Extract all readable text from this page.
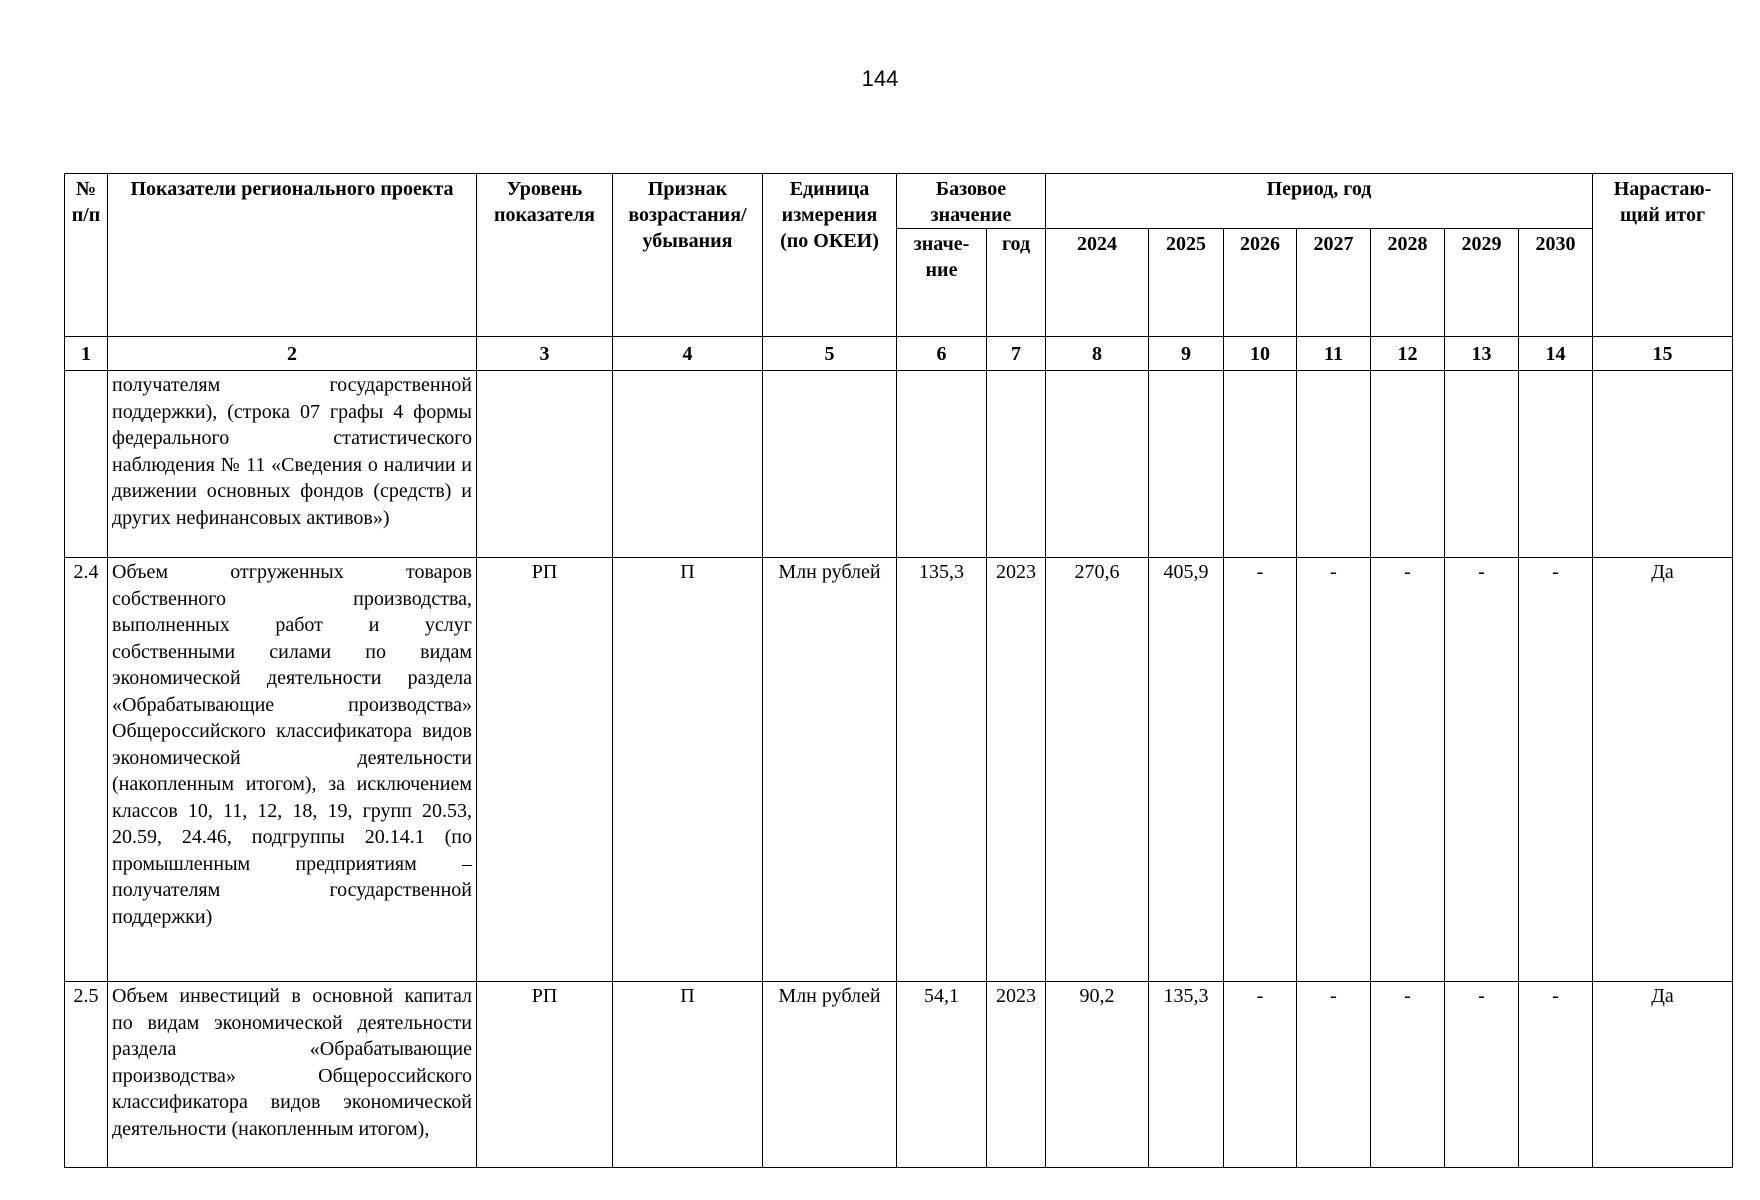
144
№ п/п	Показатели регионального проекта	Уровень показателя	Признак возрастания/ убывания	Единица измерения (по ОКЕИ)	Базовое значение		Период, год							Нарастаю- щий итог
					значе- ние	год	2024	2025	2026	2027	2028	2029	2030	
1	2	3	4	5	6	7	8	9	10	11	12	13	14	15
	получателям государственной поддержки), (строка 07 графы 4 формы федерального статистического наблюдения № 11 «Сведения о наличии и движении основных фондов (средств) и других нефинансовых активов»)													
2.4	Объем отгруженных товаров собственного производства, выполненных работ и услуг собственными силами по видам экономической деятельности раздела «Обрабатывающие производства» Общероссийского классификатора видов экономической деятельности (накопленным итогом), за исключением классов 10, 11, 12, 18, 19, групп 20.53, 20.59, 24.46, подгруппы 20.14.1 (по промышленным предприятиям – получателям государственной поддержки)	РП	П	Млн рублей	135,3	2023	270,6	405,9	-	-	-	-	-	Да
2.5	Объем инвестиций в основной капитал по видам экономической деятельности раздела «Обрабатывающие производства» Общероссийского классификатора видов экономической деятельности (накопленным итогом),	РП	П	Млн рублей	54,1	2023	90,2	135,3	-	-	-	-	-	Да
